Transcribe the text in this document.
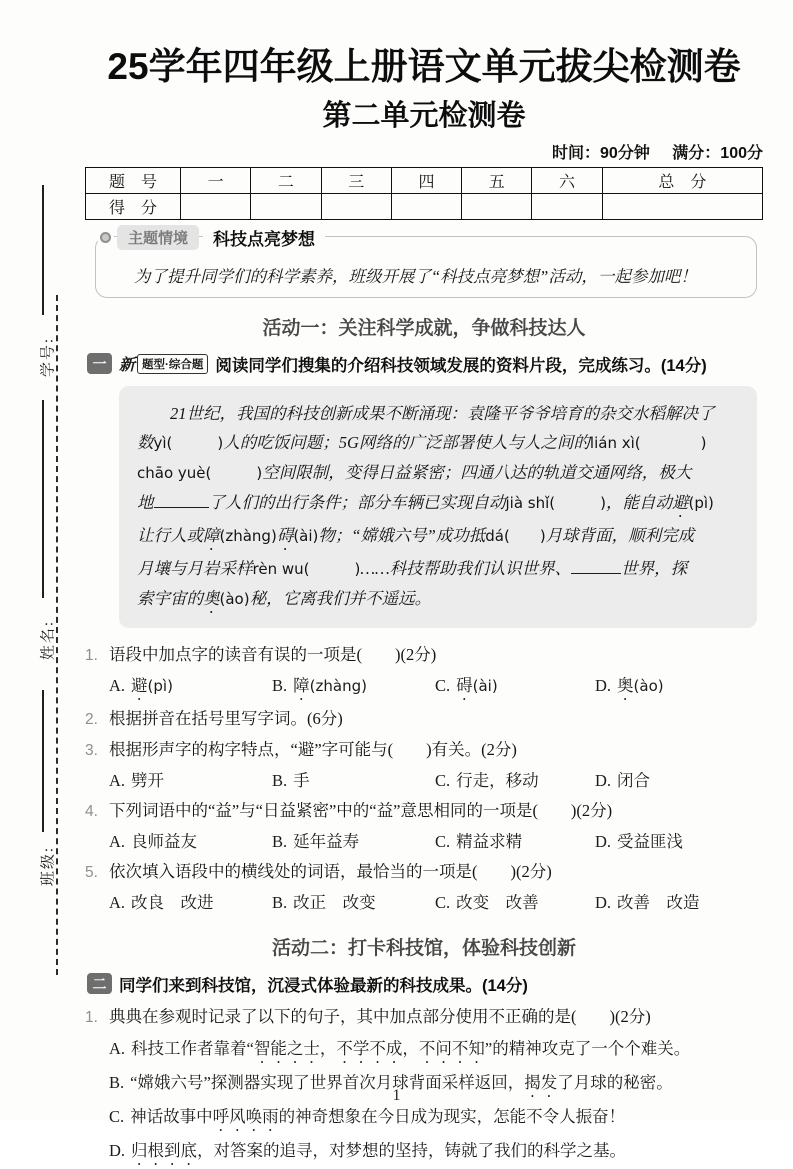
学号:
姓名:
班级:
25学年四年级上册语文单元拔尖检测卷
第二单元检测卷
时间：90分钟 满分：100分
题　号	一	二	三	四	五	六	总　分
得　分							
主题情境	科技点亮梦想
为了提升同学们的科学素养，班级开展了“科技点亮梦想”活动，一起参加吧！
活动一：关注科学成就，争做科技达人
一 新 题型·综合题 阅读同学们搜集的介绍科技领域发展的资料片段，完成练习。(14分)
21世纪，我国的科技创新成果不断涌现：袁隆平爷爷培育的杂交水稻解决了
数yì(　　　)人的吃饭问题；5G网络的广泛部署使人与人之间的lián xì(　　　　)
chāo yuè(　　　)空间限制，变得日益紧密；四通八达的轨道交通网络，极大
地	了人们的出行条件；部分车辆已实现自动jià shǐ(　　　)，能自动避(pì)
让行人或障(zhàng)碍(ài)物；“嫦娥六号”成功抵dá(　　)月球背面，顺利完成
月壤与月岩采样rèn wu(　　　)……科技帮助我们认识世界、	世界，探
索宇宙的奥(ào)秘，它离我们并不遥远。
1. 语段中加点字的读音有误的一项是(　　)(2分)
A. 避(pì)	B. 障(zhàng)	C. 碍(ài)	D. 奥(ào)
2. 根据拼音在括号里写字词。(6分)
3. 根据形声字的构字特点，“避”字可能与(　　)有关。(2分)
A. 劈开	B. 手	C. 行走，移动	D. 闭合
4. 下列词语中的“益”与“日益紧密”中的“益”意思相同的一项是(　　)(2分)
A. 良师益友	B. 延年益寿	C. 精益求精	D. 受益匪浅
5. 依次填入语段中的横线处的词语，最恰当的一项是(　　)(2分)
A. 改良　改进	B. 改正　改变	C. 改变　改善	D. 改善　改造
活动二：打卡科技馆，体验科技创新
二 同学们来到科技馆，沉浸式体验最新的科技成果。(14分)
1. 典典在参观时记录了以下的句子，其中加点部分使用不正确的是(　　)(2分)
A. 科技工作者靠着“智能之士，不学不成，不问不知”的精神攻克了一个个难关。
B. “嫦娥六号”探测器实现了世界首次月球背面采样返回，揭发了月球的秘密。
C. 神话故事中呼风唤雨的神奇想象在今日成为现实，怎能不令人振奋！
D. 归根到底，对答案的追寻，对梦想的坚持，铸就了我们的科学之基。
1
